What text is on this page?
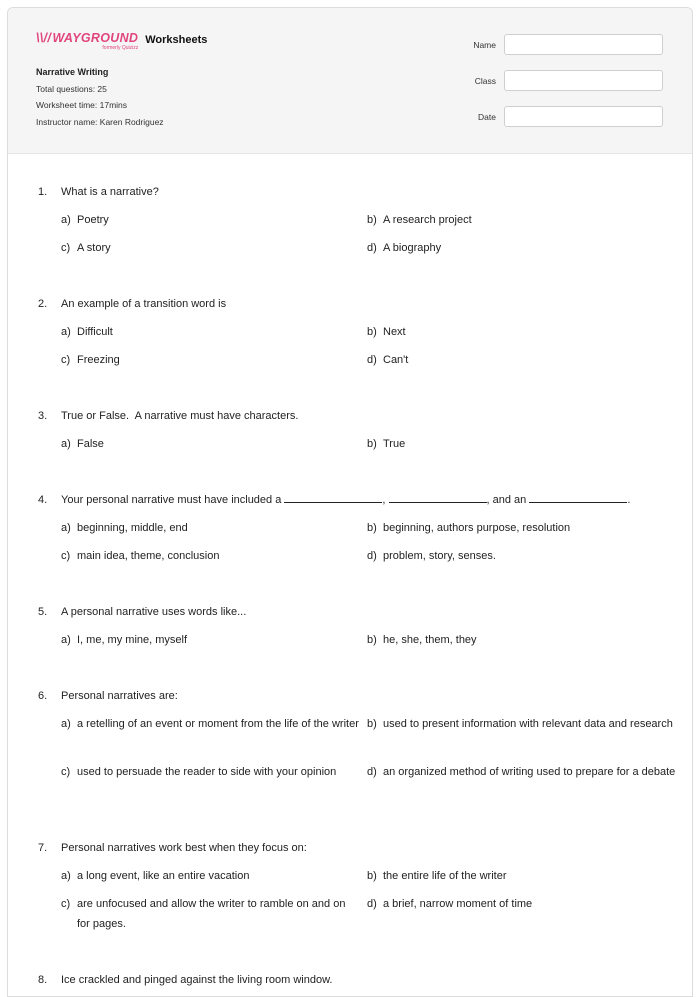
\\// WAYGROUND
formerly Quizizz
Worksheets
Narrative Writing
Total questions: 25
Worksheet time: 17mins
Instructor name: Karen Rodriguez
Name
Class
Date
1. What is a narrative?
a) Poetry	b) A research project
c) A story	d) A biography
2. An example of a transition word is
a) Difficult	b) Next
c) Freezing	d) Can't
3. True or False.  A narrative must have characters.
a) False	b) True
4. Your personal narrative must have included a	,	, and an	.
a) beginning, middle, end	b) beginning, authors purpose, resolution
c) main idea, theme, conclusion	d) problem, story, senses.
5. A personal narrative uses words like...
a) I, me, my mine, myself	b) he, she, them, they
6. Personal narratives are:
a) a retelling of an event or moment from the life of the writer b) used to present information with relevant data and research
c) used to persuade the reader to side with your opinion	d) an organized method of writing used to prepare for a debate
7. Personal narratives work best when they focus on:
a) a long event, like an entire vacation	b) the entire life of the writer
c) are unfocused and allow the writer to ramble on and on for pages.
d) a brief, narrow moment of time
8. Ice crackled and pinged against the living room window.
